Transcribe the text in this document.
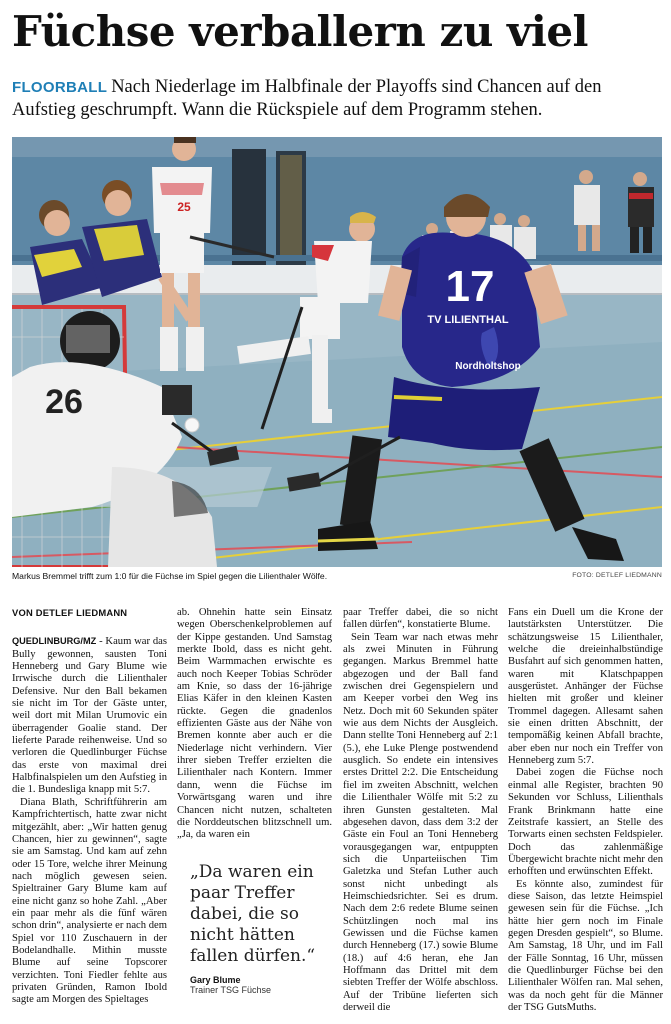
Füchse verballern zu viel
FLOORBALL Nach Niederlage im Halbfinale der Playoffs sind Chancen auf den Aufstieg geschrumpft. Wann die Rückspiele auf dem Programm stehen.
17
TV LILIENTHAL
Nordholtshop
26
25
Markus Bremmel trifft zum 1:0 für die Füchse im Spiel gegen die Lilienthaler Wölfe.	FOTO: DETLEF LIEDMANN
VON DETLEF LIEDMANN

QUEDLINBURG/MZ - Kaum war das Bully gewonnen, sausten Toni Henneberg und Gary Blume wie Irrwische durch die Lilienthaler Defensive. Nur den Ball bekamen sie nicht im Tor der Gäste unter, weil dort mit Milan Urumovic ein überragender Goalie stand. Der lieferte Parade reihenweise. Und so verloren die Quedlinburger Füchse das erste von maximal drei Halbfinalspielen um den Aufstieg in die 1. Bundesliga knapp mit 5:7.

Diana Blath, Schriftführerin am Kampfrichtertisch, hatte zwar nicht mitgezählt, aber: „Wir hatten genug Chancen, hier zu gewinnen“, sagte sie am Samstag. Und kam auf zehn oder 15 Tore, welche ihrer Meinung nach möglich gewesen seien. Spieltrainer Gary Blume kam auf eine nicht ganz so hohe Zahl. „Aber ein paar mehr als die fünf wären schon drin“, analysierte er nach dem Spiel vor 110 Zuschauern in der Bodelandhalle. Mithin musste Blume auf seine Topscorer verzichten. Toni Fiedler fehlte aus privaten Gründen, Ramon Ibold sagte am Morgen des Spieltages

ab. Ohnehin hatte sein Einsatz wegen Oberschenkelproblemen auf der Kippe gestanden. Und Samstag merkte Ibold, dass es nicht geht. Beim Warmmachen erwischte es auch noch Keeper Tobias Schröder am Knie, so dass der 16-jährige Elias Käfer in den kleinen Kasten rückte. Gegen die gnadenlos effizienten Gäste aus der Nähe von Bremen konnte aber auch er die Niederlage nicht verhindern. Vier ihrer sieben Treffer erzielten die Lilienthaler nach Kontern. Immer dann, wenn die Füchse im Vorwärtsgang waren und ihre Chancen nicht nutzen, schalteten die Norddeutschen blitzschnell um. „Ja, da waren ein

„Da waren ein paar Treffer dabei, die so nicht hätten fallen dürfen.“
Gary Blume
Trainer TSG Füchse

paar Treffer dabei, die so nicht fallen dürfen“, konstatierte Blume.

Sein Team war nach etwas mehr als zwei Minuten in Führung gegangen. Markus Bremmel hatte abgezogen und der Ball fand zwischen drei Gegenspielern und am Keeper vorbei den Weg ins Netz. Doch mit 60 Sekunden später wie aus dem Nichts der Ausgleich. Dann stellte Toni Henneberg auf 2:1 (5.), ehe Luke Plenge postwendend ausglich. So endete ein intensives erstes Drittel 2:2. Die Entscheidung fiel im zweiten Abschnitt, welchen die Lilienthaler Wölfe mit 5:2 zu ihren Gunsten gestalteten. Mal abgesehen davon, dass dem 3:2 der Gäste ein Foul an Toni Henneberg vorausgegangen war, entpuppten sich die Unparteiischen Tim Galetzka und Stefan Luther auch sonst nicht unbedingt als Heimschiedsrichter. Sei es drum. Nach dem 2:6 redete Blume seinen Schützlingen noch mal ins Gewissen und die Füchse kamen durch Henneberg (17.) sowie Blume (18.) auf 4:6 heran, ehe Jan Hoffmann das Drittel mit dem siebten Treffer der Wölfe abschloss. Auf der Tribüne lieferten sich derweil die

Fans ein Duell um die Krone der lautstärksten Unterstützer. Die schätzungsweise 15 Lilienthaler, welche die dreieinhalbstündige Busfahrt auf sich genommen hatten, waren mit Klatschpappen ausgerüstet. Anhänger der Füchse hielten mit großer und kleiner Trommel dagegen. Allesamt sahen sie einen dritten Abschnitt, der tempomäßig keinen Abfall brachte, aber eben nur noch ein Treffer von Henneberg zum 5:7.

Dabei zogen die Füchse noch einmal alle Register, brachten 90 Sekunden vor Schluss, Lilienthals Frank Brinkmann hatte eine Zeitstrafe kassiert, an Stelle des Torwarts einen sechsten Feldspieler. Doch das zahlenmäßige Übergewicht brachte nicht mehr den erhofften und erwünschten Effekt.

Es könnte also, zumindest für diese Saison, das letzte Heimspiel gewesen sein für die Füchse. „Ich hätte hier gern noch im Finale gegen Dresden gespielt“, so Blume. Am Samstag, 18 Uhr, und im Fall der Fälle Sonntag, 16 Uhr, müssen die Quedlinburger Füchse bei den Lilienthaler Wölfen ran. Mal sehen, was da noch geht für die Männer der TSG GutsMuths.
